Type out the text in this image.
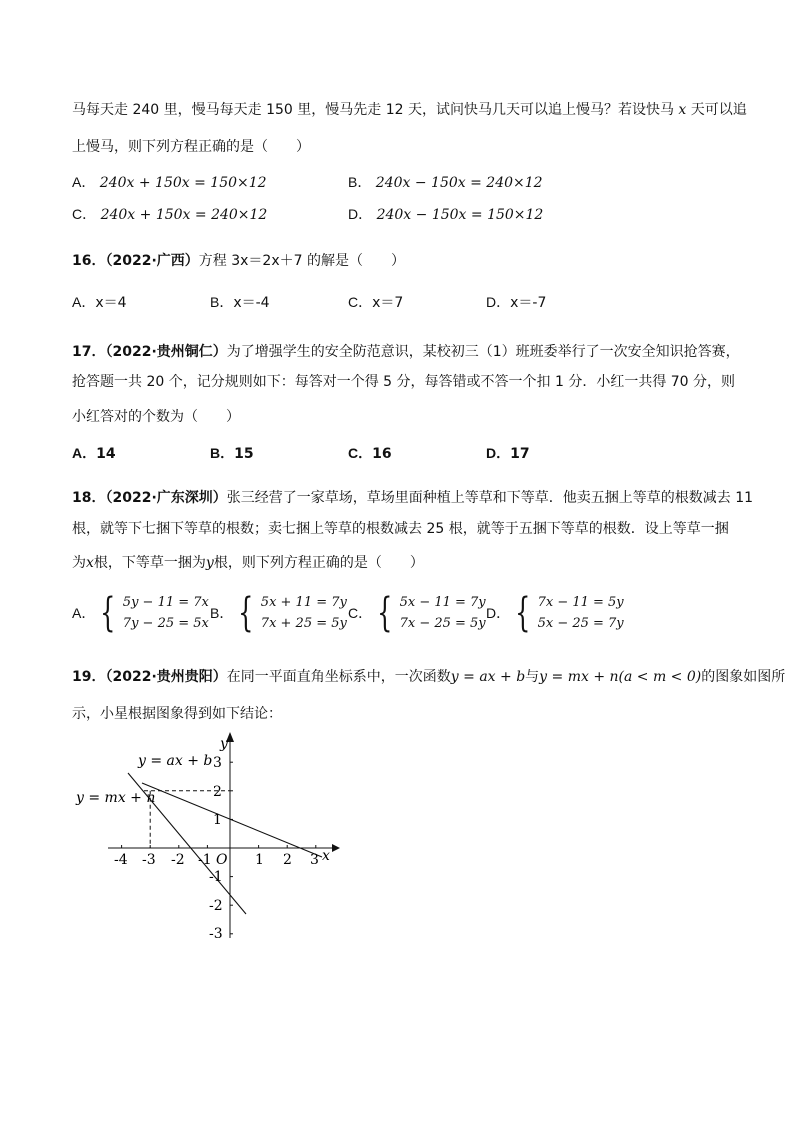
马每天走 240 里，慢马每天走 150 里，慢马先走 12 天，试问快马几天可以追上慢马？若设快马 x 天可以追
上慢马，则下列方程正确的是（　　）
A． 240x + 150x = 150×12	B． 240x − 150x = 240×12
C． 240x + 150x = 240×12	D． 240x − 150x = 150×12
16．（2022·广西）方程 3x＝2x＋7 的解是（　　）
A．x＝4	B．x＝-4	C．x＝7	D．x＝-7
17．（2022·贵州铜仁）为了增强学生的安全防范意识，某校初三（1）班班委举行了一次安全知识抢答赛，
抢答题一共 20 个，记分规则如下：每答对一个得 5 分，每答错或不答一个扣 1 分．小红一共得 70 分，则
小红答对的个数为（　　）
A．14	B．15	C．16	D．17
18．（2022·广东深圳）张三经营了一家草场，草场里面种植上等草和下等草．他卖五捆上等草的根数减去 11
根，就等下七捆下等草的根数；卖七捆上等草的根数减去 25 根，就等于五捆下等草的根数．设上等草一捆
为x根，下等草一捆为y根，则下列方程正确的是（　　）
A． { 5y − 11 = 7x
7y − 25 = 5x
B． { 5x + 11 = 7y
7x + 25 = 5y
C． { 5x − 11 = 7y
7x − 25 = 5y
D． { 7x − 11 = 5y
5x − 25 = 7y
19．（2022·贵州贵阳）在同一平面直角坐标系中，一次函数y = ax + b与y = mx + n(a < m < 0)的图象如图所
示，小星根据图象得到如下结论：
y = ax + b
y = mx + n
x
y
O
-4 -3 -2 -1	1 2 3
3
2
1
-1
-2
-3
